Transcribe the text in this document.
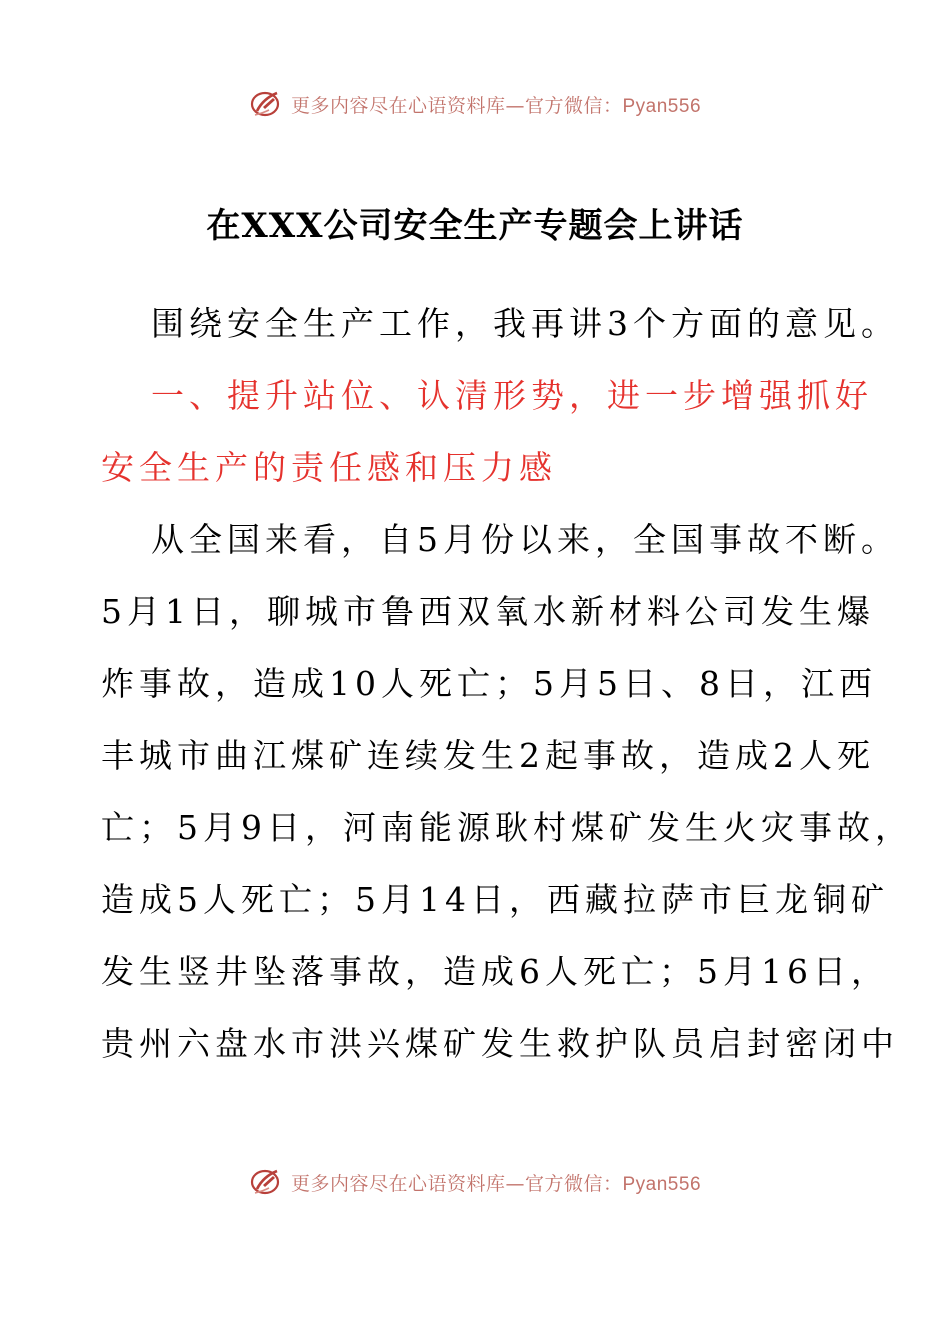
更多内容尽在心语资料库—官方微信：Pyan556
在XXX公司安全生产专题会上讲话
围绕安全生产工作，我再讲3个方面的意见。
一、提升站位、认清形势，进一步增强抓好
安全生产的责任感和压力感
从全国来看，自5月份以来，全国事故不断。
5月1日，聊城市鲁西双氧水新材料公司发生爆
炸事故，造成10人死亡；5月5日、8日，江西
丰城市曲江煤矿连续发生2起事故，造成2人死
亡；5月9日，河南能源耿村煤矿发生火灾事故，
造成5人死亡；5月14日，西藏拉萨市巨龙铜矿
发生竖井坠落事故，造成6人死亡；5月16日，
贵州六盘水市洪兴煤矿发生救护队员启封密闭中
更多内容尽在心语资料库—官方微信：Pyan556
